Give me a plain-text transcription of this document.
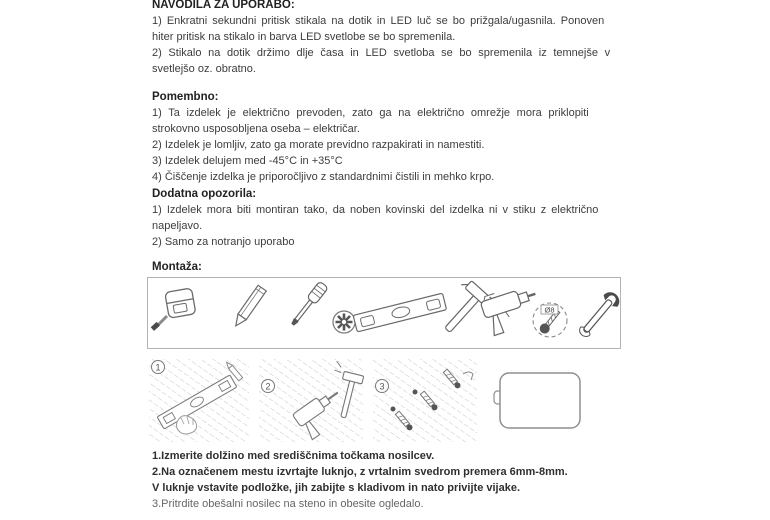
NAVODILA ZA UPORABO:
1) Enkratni sekundni pritisk stikala na dotik in LED luč se bo prižgala/ugasnila. Ponoven
hiter pritisk na stikalo in barva LED svetlobe se bo spremenila.
2) Stikalo na dotik držimo dlje časa in LED svetloba se bo spremenila iz temnejše v
svetlejšo oz. obratno.
Pomembno:
1) Ta izdelek je električno prevoden, zato ga na električno omrežje mora priklopiti
strokovno usposobljena oseba – električar.
2) Izdelek je lomljiv, zato ga morate previdno razpakirati in namestiti.
3) Izdelek delujem med -45°C in +35°C
4) Čiščenje izdelka je priporočljivo z standardnimi čistili in mehko krpo.
Dodatna opozorila:
1) Izdelek mora biti montiran tako, da noben kovinski del izdelka ni v stiku z električno
napeljavo.
2) Samo za notranjo uporabo
Montaža:
Ø8
1
2	3
1.Izmerite dolžino med središčnima točkama nosilcev.
2.Na označenem mestu izvrtajte luknjo, z vrtalnim svedrom premera 6mm-8mm.
V luknje vstavite podložke, jih zabijte s kladivom in nato privijte vijake.
3.Pritrdite obešalni nosilec na steno in obesite ogledalo.
